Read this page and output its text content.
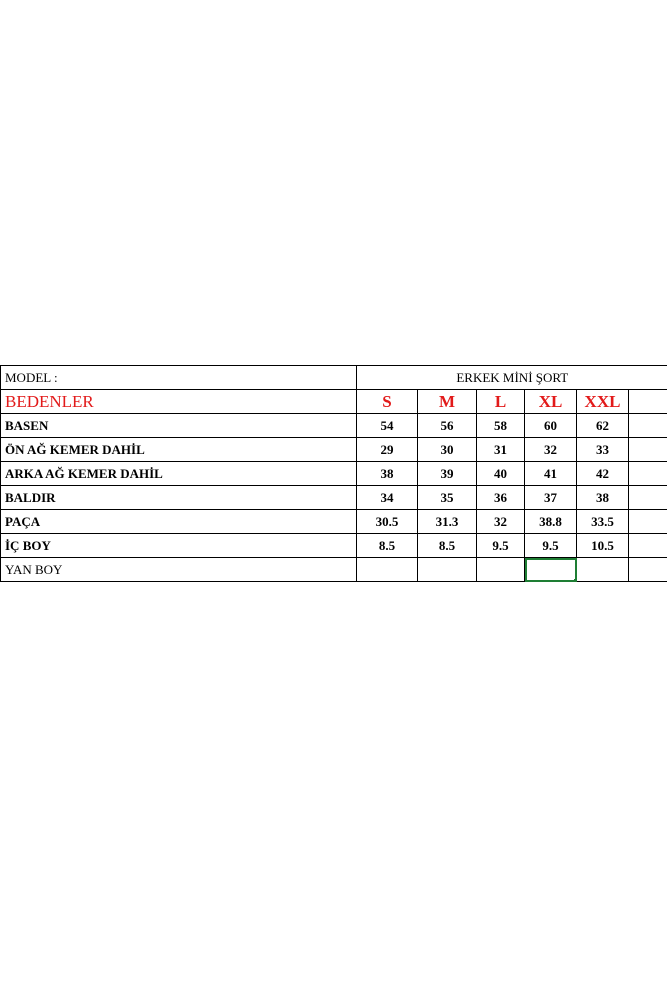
MODEL :	ERKEK MİNİ ŞORT					
BEDENLER	S	M	L	XL	XXL	
BASEN	54	56	58	60	62	
ÖN AĞ KEMER DAHİL	29	30	31	32	33	
ARKA AĞ KEMER DAHİL	38	39	40	41	42	
BALDIR	34	35	36	37	38	
PAÇA	30.5	31.3	32	38.8	33.5	
İÇ BOY	8.5	8.5	9.5	9.5	10.5	
YAN BOY						
